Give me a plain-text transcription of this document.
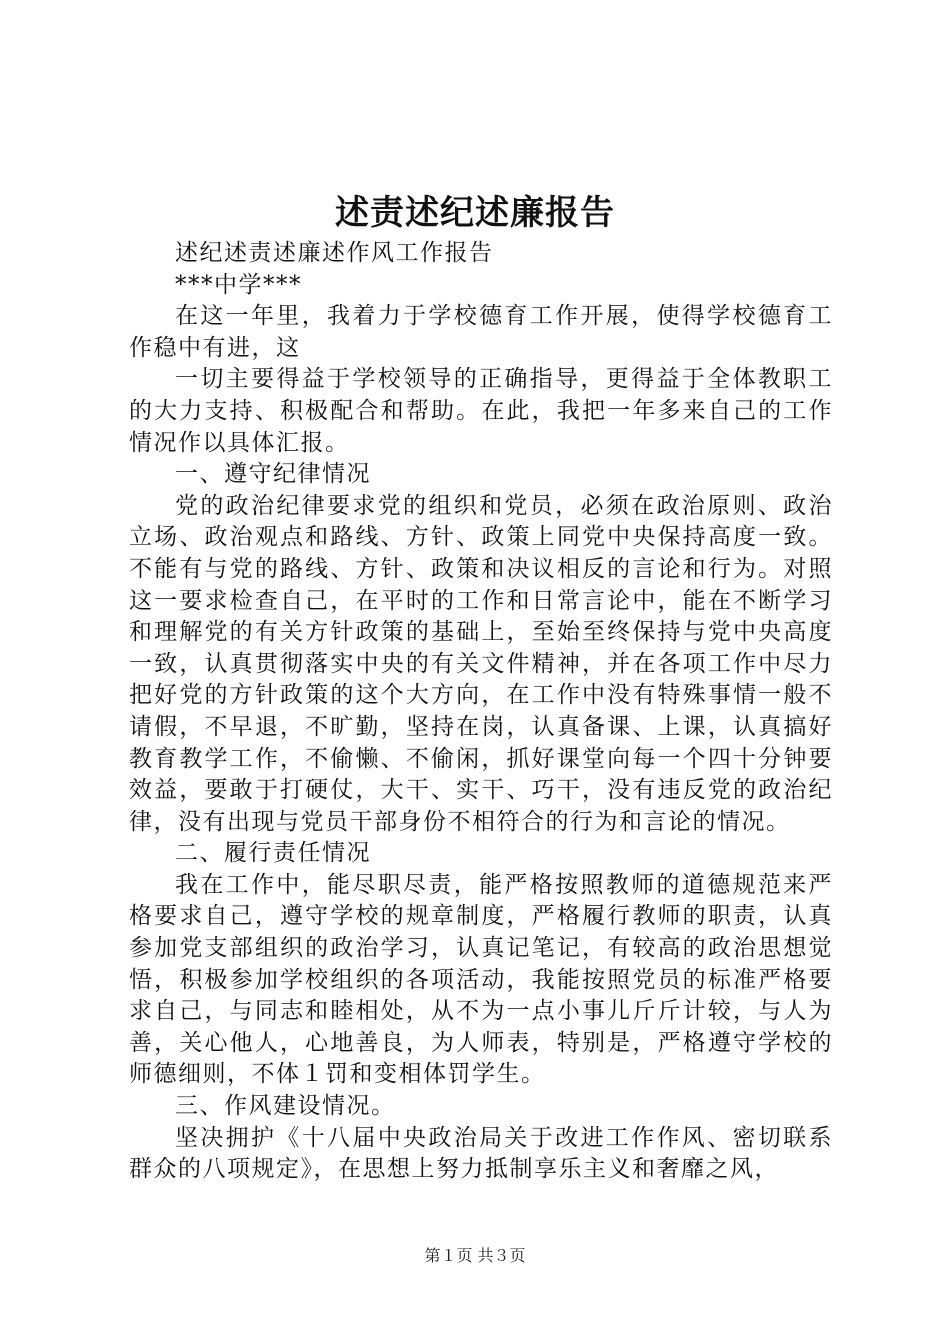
述责述纪述廉报告

述纪述责述廉述作风工作报告

***中学***

在这一年里，我着力于学校德育工作开展，使得学校德育工作稳中有进，这

一切主要得益于学校领导的正确指导，更得益于全体教职工的大力支持、积极配合和帮助。在此，我把一年多来自己的工作情况作以具体汇报。

一、遵守纪律情况

党的政治纪律要求党的组织和党员，必须在政治原则、政治立场、政治观点和路线、方针、政策上同党中央保持高度一致。不能有与党的路线、方针、政策和决议相反的言论和行为。对照这一要求检查自己，在平时的工作和日常言论中，能在不断学习和理解党的有关方针政策的基础上，至始至终保持与党中央高度一致，认真贯彻落实中央的有关文件精神，并在各项工作中尽力把好党的方针政策的这个大方向，在工作中没有特殊事情一般不请假，不早退，不旷勤，坚持在岗，认真备课、上课，认真搞好教育教学工作，不偷懒、不偷闲，抓好课堂向每一个四十分钟要效益，要敢于打硬仗，大干、实干、巧干，没有违反党的政治纪律，没有出现与党员干部身份不相符合的行为和言论的情况。

二、履行责任情况

我在工作中，能尽职尽责，能严格按照教师的道德规范来严格要求自己，遵守学校的规章制度，严格履行教师的职责，认真参加党支部组织的政治学习，认真记笔记，有较高的政治思想觉悟，积极参加学校组织的各项活动，我能按照党员的标准严格要求自己，与同志和睦相处，从不为一点小事儿斤斤计较，与人为善，关心他人，心地善良，为人师表，特别是，严格遵守学校的师德细则，不体１罚和变相体罚学生。

三、作风建设情况。

坚决拥护《十八届中央政治局关于改进工作作风、密切联系群众的八项规定》，在思想上努力抵制享乐主义和奢靡之风，

第１页 共３页
